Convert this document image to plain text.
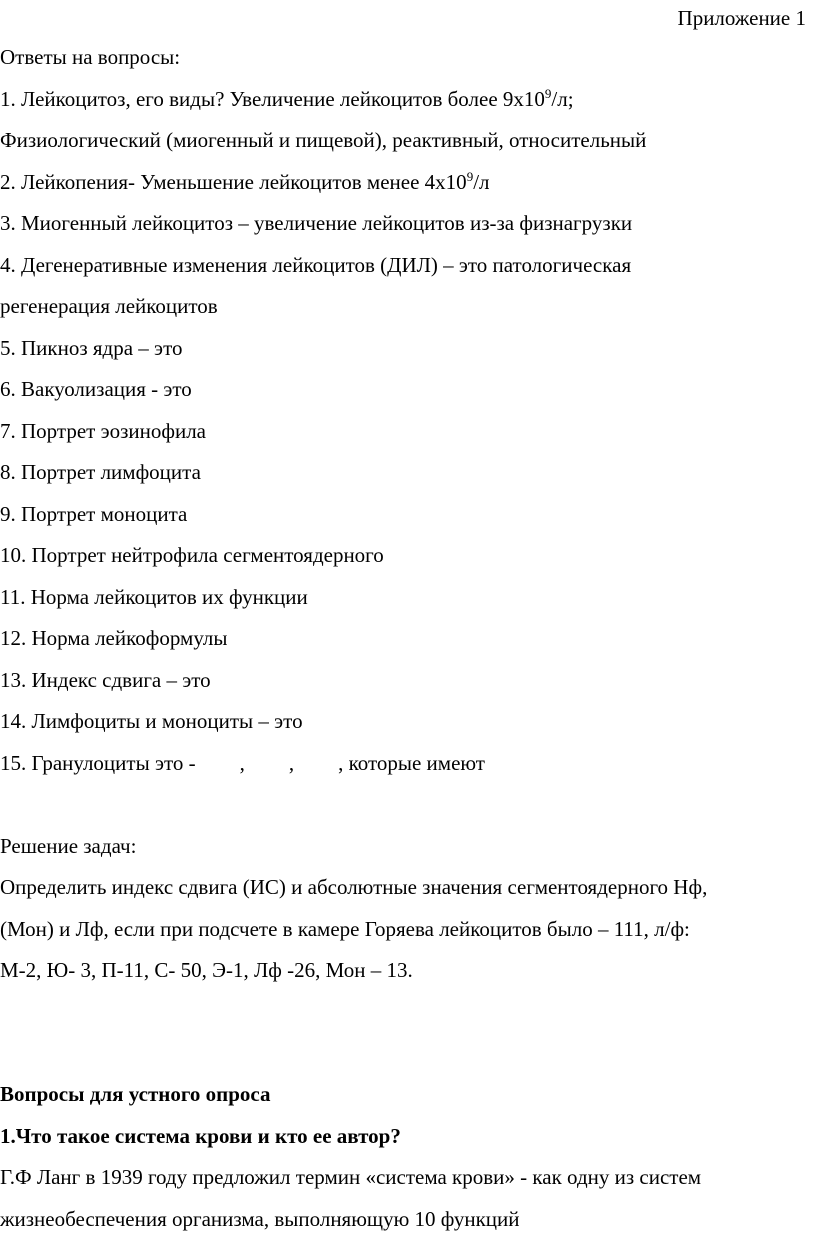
Приложение 1
Ответы на вопросы:
1. Лейкоцитоз, его виды? Увеличение лейкоцитов более $9х10^9/л$;
Физиологический (миогенный и пищевой), реактивный, относительный
2. Лейкопения- Уменьшение лейкоцитов менее $4х10^9/л$
3. Миогенный лейкоцитоз – увеличение лейкоцитов из-за физнагрузки
4. Дегенеративные изменения лейкоцитов (ДИЛ) – это патологическая
регенерация лейкоцитов
5. Пикноз ядра – это
6. Вакуолизация - это
7. Портрет эозинофила
8. Портрет лимфоцита
9. Портрет моноцита
10. Портрет нейтрофила сегментоядерного
11. Норма лейкоцитов их функции
12. Норма лейкоформулы
13. Индекс сдвига – это
14. Лимфоциты и моноциты – это
15. Гранулоциты это - , , , которые имеют
Решение задач:
Определить индекс сдвига (ИС) и абсолютные значения сегментоядерного Нф,
(Мон) и Лф, если при подсчете в камере Горяева лейкоцитов было – 111, л/ф:
М-2, Ю- 3, П-11, С- 50, Э-1, Лф -26, Мон – 13.
Вопросы для устного опроса
1.Что такое система крови и кто ее автор?
Г.Ф Ланг в 1939 году предложил термин «система крови» - как одну из систем
жизнеобеспечения организма, выполняющую 10 функций
